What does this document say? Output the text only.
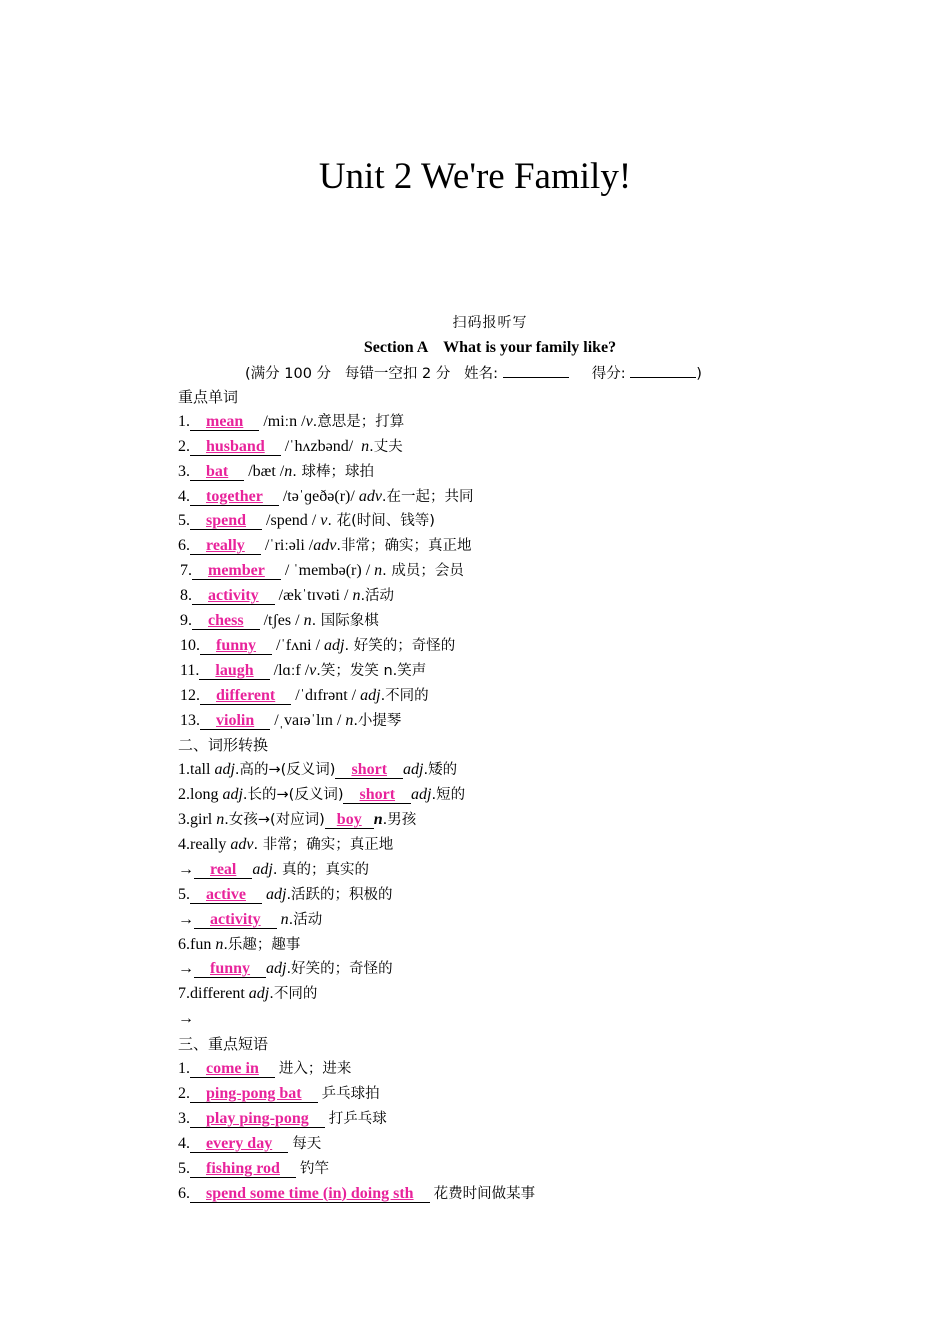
Unit 2 We're Family!
扫码报听写
Section A    What is your family like?
(满分 100 分   每错一空扣 2 分   姓名:	得分:	)
重点单词
1. mean /miːn /v.意思是；打算
2. husband /ˈhʌzbənd/  n.丈夫
3. bat /bæt /n. 球棒；球拍
4. together /təˈɡeðə(r)/ adv.在一起；共同
5. spend /spend / v. 花(时间、钱等)
6. really /ˈriːəli /adv.非常；确实；真正地
7. member / ˈmembə(r) / n. 成员；会员
8. activity /ækˈtɪvəti / n.活动
9. chess /tʃes / n. 国际象棋
10. funny /ˈfʌni / adj. 好笑的；奇怪的
11. laugh /lɑːf /v.笑；发笑 n.笑声
12. different /ˈdɪfrənt / adj.不同的
13. violin /ˌvaɪəˈlɪn / n.小提琴
二、词形转换
1.tall adj.高的→(反义词) short adj.矮的
2.long adj.长的→(反义词) short adj.短的
3.girl n.女孩→(对应词) boy n.男孩
4.really adv. 非常；确实；真正地
→ real adj. 真的；真实的
5. active adj.活跃的；积极的
→ activity n.活动
6.fun n.乐趣；趣事
→ funny adj.好笑的；奇怪的
7.different adj.不同的
→
三、重点短语
1. come in 进入；进来
2. ping-pong bat 乒乓球拍
3. play ping-pong 打乒乓球
4. every day 每天
5. fishing rod 钓竿
6. spend some time (in) doing sth 花费时间做某事
